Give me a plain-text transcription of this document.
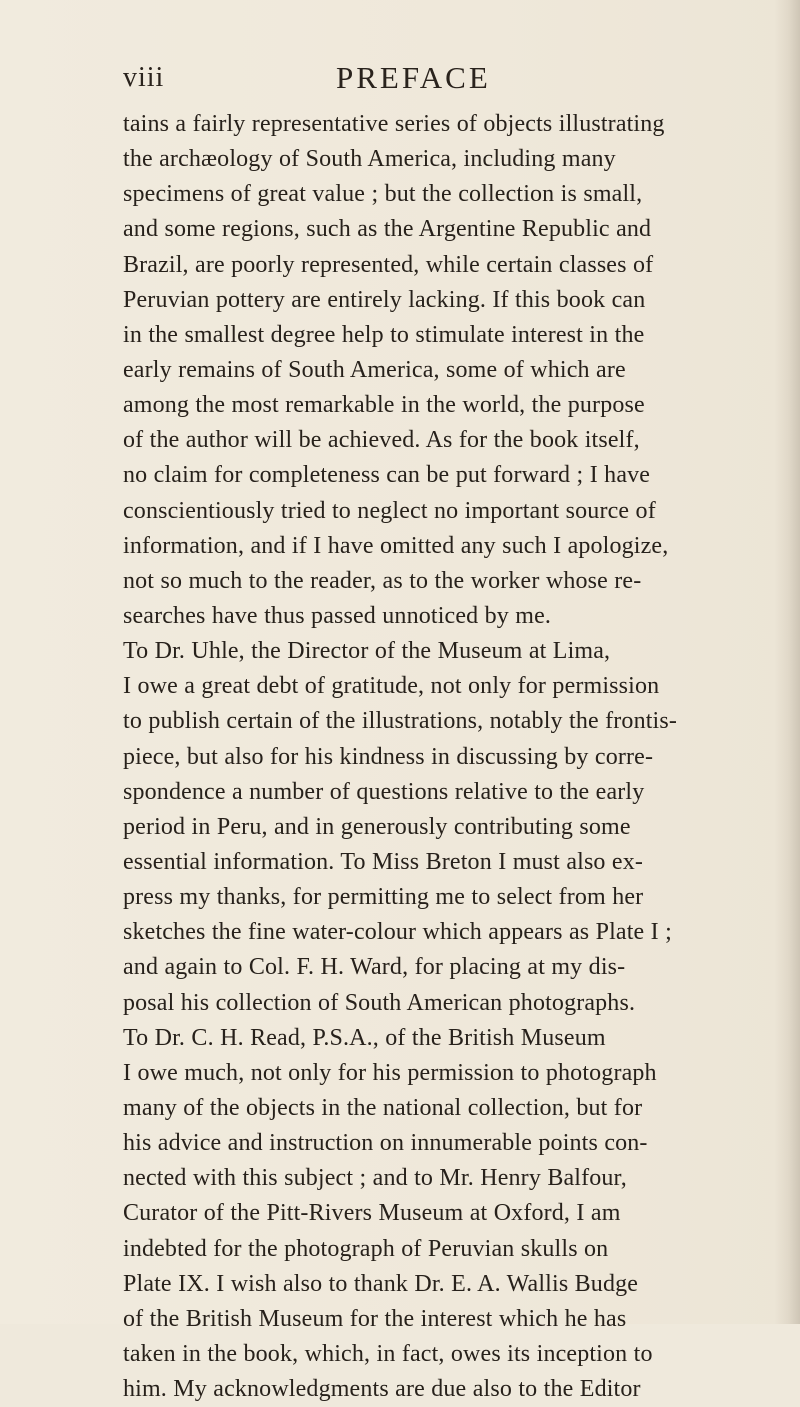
viii	PREFACE
tains a fairly representative series of objects illustrating
the archæology of South America, including many
specimens of great value ; but the collection is small,
and some regions, such as the Argentine Republic and
Brazil, are poorly represented, while certain classes of
Peruvian pottery are entirely lacking. If this book can
in the smallest degree help to stimulate interest in the
early remains of South America, some of which are
among the most remarkable in the world, the purpose
of the author will be achieved. As for the book itself,
no claim for completeness can be put forward ; I have
conscientiously tried to neglect no important source of
information, and if I have omitted any such I apologize,
not so much to the reader, as to the worker whose re-
searches have thus passed unnoticed by me.
To Dr. Uhle, the Director of the Museum at Lima,
I owe a great debt of gratitude, not only for permission
to publish certain of the illustrations, notably the frontis-
piece, but also for his kindness in discussing by corre-
spondence a number of questions relative to the early
period in Peru, and in generously contributing some
essential information. To Miss Breton I must also ex-
press my thanks, for permitting me to select from her
sketches the fine water-colour which appears as Plate I ;
and again to Col. F. H. Ward, for placing at my dis-
posal his collection of South American photographs.
To Dr. C. H. Read, P.S.A., of the British Museum
I owe much, not only for his permission to photograph
many of the objects in the national collection, but for
his advice and instruction on innumerable points con-
nected with this subject ; and to Mr. Henry Balfour,
Curator of the Pitt-Rivers Museum at Oxford, I am
indebted for the photograph of Peruvian skulls on
Plate IX. I wish also to thank Dr. E. A. Wallis Budge
of the British Museum for the interest which he has
taken in the book, which, in fact, owes its inception to
him. My acknowledgments are due also to the Editor
